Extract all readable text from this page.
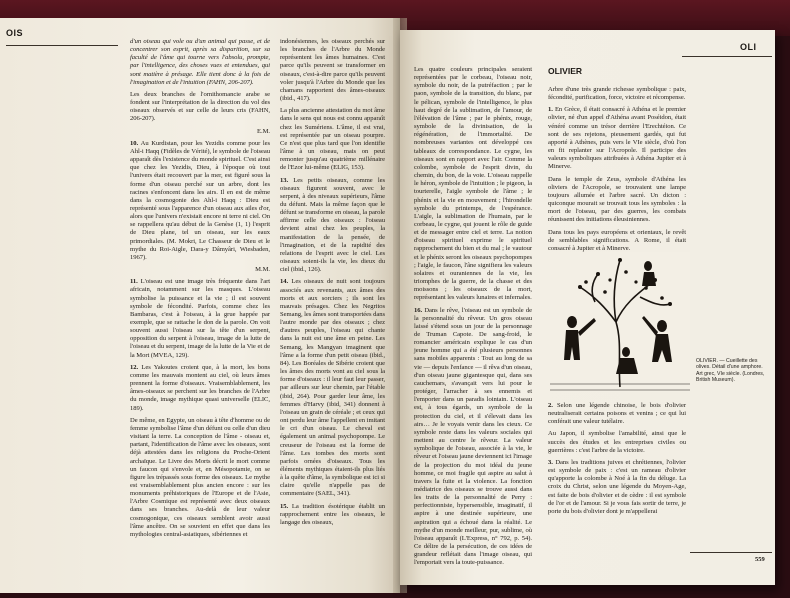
OIS

d'un oiseau qui vole ou d'un animal qui passe, et de concentrer son esprit, après sa disparition, sur sa faculté de l'âme qui tourne vers l'absolu, prompte, par l'intelligence, des choses vues et entendues, qui sont matière à présage. Elle tient donc à la fois de l'imagination et de l'intuition (FAHN, 206-207).

Les deux branches de l'ornithomancie arabe se fondent sur l'interprétation de la direction du vol des oiseaux observés et sur celle de leurs cris (FAHN, 206-207).

E.M.

10. Au Kurdistan, pour les Yezidis comme pour les Ahl-i Haqq (Fidèles de Vérité), le symbole de l'oiseau apparaît dès l'existence du monde spirituel. C'est ainsi que chez les Yezidis, Dieu, à l'époque où tout l'univers était recouvert par la mer, est figuré sous la forme d'un oiseau perché sur un arbre, dont les racines s'enfoncent dans les airs. Il en est de même dans la cosmogonie des Ahl-i Haqq : Dieu est représenté sous l'apparence d'un oiseau aux ailes d'or, alors que l'univers n'existait encore ni terre ni ciel. On se rappellera qu'au début de la Genèse (1, 1) l'esprit de Dieu plane, tel un oiseau, sur les eaux primordiales. (M. Mokri, Le Chasseur de Dieu et le mythe du Roi-Aigle, Dara-y Dâmyâri, Wiesbaden, 1967).

M.M.

11. L'oiseau est une image très fréquente dans l'art africain, notamment sur les masques. L'oiseau symbolise la puissance et la vie ; il est souvent symbole de fécondité. Parfois, comme chez les Bambaras, c'est à l'oiseau, à la grue happée par exemple, que se rattache le don de la parole. On voit souvent aussi l'oiseau sur la tête d'un serpent, opposition du serpent à l'oiseau, image de la lutte de l'oiseau et du serpent, image de la lutte de la Vie et de la Mort (MVEA, 129).

12. Les Yakoutes croient que, à la mort, les bons comme les mauvais montent au ciel, où leurs âmes prennent la forme d'oiseaux. Vraisemblablement, les âmes-oiseaux se perchent sur les branches de l'Arbre du monde, image mythique quasi universelle (ELIC, 189).

De même, en Egypte, un oiseau à tête d'homme ou de femme symbolise l'âme d'un défunt ou celle d'un dieu visitant la terre. La conception de l'âme - oiseau et, partant, l'identification de l'âme avec les oiseaux, sont déjà attestées dans les religions du Proche-Orient archaïque. Le Livre des Morts décrit le mort comme un faucon qui s'envole et, en Mésopotamie, on se figure les trépassés sous forme des oiseaux. Le mythe est vraisemblablement plus ancien encore : sur les monuments préhistoriques de l'Europe et de l'Asie, l'Arbre Cosmique est représenté avec deux oiseaux dans ses branches. Au-delà de leur valeur cosmogonique, ces oiseaux semblent avoir aussi l'âme ancêtre. On se souvient en effet que dans les mythologies central-asiatiques, sibériennes et

indonésiennes, les oiseaux perchés sur les branches de l'Arbre du Monde représentent les âmes humaines. C'est parce qu'ils peuvent se transformer en oiseaux, c'est-à-dire parce qu'ils peuvent voler jusqu'à l'Arbre du Monde que les chamans rapportent des âmes-oiseaux (ibid., 417).

La plus ancienne attestation du mot âme dans le sens qui nous est connu apparaît chez les Sumériens. L'âme, il est vrai, est représentée par un oiseau pourpre. Ce n'est que plus tard que l'on identifie l'âme à un oiseau, mais on peut remonter jusqu'au quatrième millénaire de l'Ezor lui-même (ELIG, 153).

13. Les petits oiseaux, comme les oiseaux figurent souvent, avec le serpent, à des niveaux supérieurs, l'âme du défunt. Mais la même façon que le défunt se transforme en oiseau, la parole affirme celle des oiseaux : l'oiseau devient ainsi chez les peuples, la manifestation de la pensée, de l'imagination, et de la rapidité des relations de l'esprit avec le ciel. Les oiseaux soient-ils la vie, les dieux du ciel (ibid., 126).

14. Les oiseaux de nuit sont toujours associés aux revenants, aux âmes des morts et aux sorciers ; ils sont les mauvais présages. Chez les Negritos Semang, les âmes sont transportées dans l'autre monde par des oiseaux ; chez d'autres peuples, l'oiseau qui chante dans la nuit est une âme en peine. Les Semang, les Mangyan imaginent que l'âme a la forme d'un petit oiseau (ibid., 84). Les Boréales de Sibérie croient que les âmes des morts vont au ciel sous la forme d'oiseaux : il leur faut leur passer, par ailleurs sur leur chemin, par l'étable (ibid, 264). Pour garder leur âme, les femmes d'Harvy (ibid, 341) donnent à l'oiseau un grain de céréale ; et ceux qui ont perdu leur âme l'appellent en imitant le cri d'un oiseau. Le cheval est également un animal psychopompe. Le creuseur de l'oiseau est la forme de l'âme. Les tombes des morts sont parfois ornées d'oiseaux. Tous les éléments mythiques étaient-ils plus liés à la quête d'âme, la symbolique est ici si claire qu'elle n'appelle pas de commentaire (SAEL, 341).

15. La tradition ésotérique établit un rapprochement entre les oiseaux, le langage des oiseaux,

OLI

Les quatre couleurs principales seraient représentées par le corbeau, l'oiseau noir, symbole du noir, de la putréfaction ; par le paon, symbole de la transition, du blanc, par le pélican, symbole de l'intelligence, le plus haut degré de la sublimation, de l'amour, de l'élévation de l'âme ; par le phénix, rouge, symbole de la divinisation, de la régénération, de l'immortalité. De nombreuses variantes ont développé ces tableaux de correspondance. Le cygne, les oiseaux sont en rapport avec l'air. Comme la colombe, symbole de l'esprit divin, du chemin, du bon, de la voie. L'oiseau rappelle le héron, symbole de l'intuition ; le pigeon, la tourterelle, l'aigle symbole de l'âme ; le phénix et la vie en mouvement ; l'hirondelle symbole du printemps, de l'espérance. L'aigle, la sublimation de l'humain, par le corbeau, le cygne, qui jouent le rôle de guide et de messager entre ciel et terre. La notion d'oiseau spirituel exprime le spirituel rapprochement du bien et du mal ; le vautour et le phénix seront les oiseaux psychopompes ; l'aigle, le faucon, l'âne signifiera les valeurs solaires et ouraniennes de la vie, les triomphes de la guerre, de la chasse et des moissons ; les oiseaux de la mort, représentant les valeurs lunaires et infernales.

16. Dans le rêve, l'oiseau est un symbole de la personnalité du rêveur. Un gros oiseau laissé s'étend sous un jour de la personnage de Truman Capote. De sang-froid, le romancier américain explique le cas d'un jeune homme qui a été plusieurs personnes sans mobiles apparents : Tout au long de sa vie — depuis l'enfance — il rêva d'un oiseau, d'un oiseau jaune gigantesque qui, dans ses cauchemars, s'avançait vers lui pour le protéger, l'arracher à ses ennemis et l'emporter dans un paradis lointain. L'oiseau est, à tous égards, un symbole de la protection du ciel, et il s'élevait dans les airs… Je le voyais venir dans les cieux. Ce symbole reste dans les valeurs sociales qui mettent au centre le rêveur. La valeur symbolique de l'oiseau, associée à la vie, le rêveur et l'oiseau jaune deviennent ici l'image de la projection du moi idéal du jeune homme, ce moi fragile qui aspire au salut à travers la fuite et la violence. La fonction médiatrice des oiseaux se trouve aussi dans les traits de la personnalité de Perry : perfectionniste, hypersensible, imaginatif, il aspire à une destinée supérieure, une aspiration qui a échoué dans la réalité. Le mythe d'un monde meilleur, pur, sublime, où l'oiseau apparaît (L'Express, n° 792, p. 54). Ce délire de la persécution, de ces idées de grandeur reflétait dans l'image oiseau, qui l'emportait vers la toute-puissance.

OLIVIER

Arbre d'une très grande richesse symbolique : paix, fécondité, purification, force, victoire et récompense.

1. En Grèce, il était consacré à Athéna et le premier olivier, né d'un appel d'Athéna avant Poséidon, était vénéré comme un trésor derrière l'Erechtéion. Ce sont de ses rejetons, pieusement gardés, qui fut apporté à Athènes, puis vers le VIe siècle, d'où l'on en fit replanter sur l'Acropole. Il participe des valeurs symboliques attribuées à Athéna Jupiter et à Minerve.

Dans le temple de Zeus, symbole d'Athéna les oliviers de l'Acropole, se trouvaient une lampe toujours allumée et l'arbre sacré. Un dicton : quiconque mourait se trouvait tous les symboles : la mort de l'oiseau, par des guerres, les combats réunissent des initiations éleusiniennes.

Dans tous les pays européens et orientaux, le revêt de semblables significations. A Rome, il était consacré à Jupiter et à Minerve.

OLIVIER. — Cueillette des olives. Détail d'une amphore. Art grec, VIe siècle. (Londres, British Museum).

2. Selon une légende chinoise, le bois d'olivier neutraliserait certains poisons et venins ; ce qui lui conférait une valeur tutélaire.

Au Japon, il symbolise l'amabilité, ainsi que le succès des études et les entreprises civiles ou guerrières : c'est l'arbre de la victoire.

3. Dans les traditions juives et chrétiennes, l'olivier est symbole de paix : c'est un rameau d'olivier qu'apporte la colombe à Noé à la fin du déluge. La croix du Christ, selon une légende du Moyen-Age, est faite de bois d'olivier et de cèdre : il est symbole de l'or et de l'amour. Si je vous fais sortir de terre, je porte du bois d'olivier dont je m'appellerai

559
